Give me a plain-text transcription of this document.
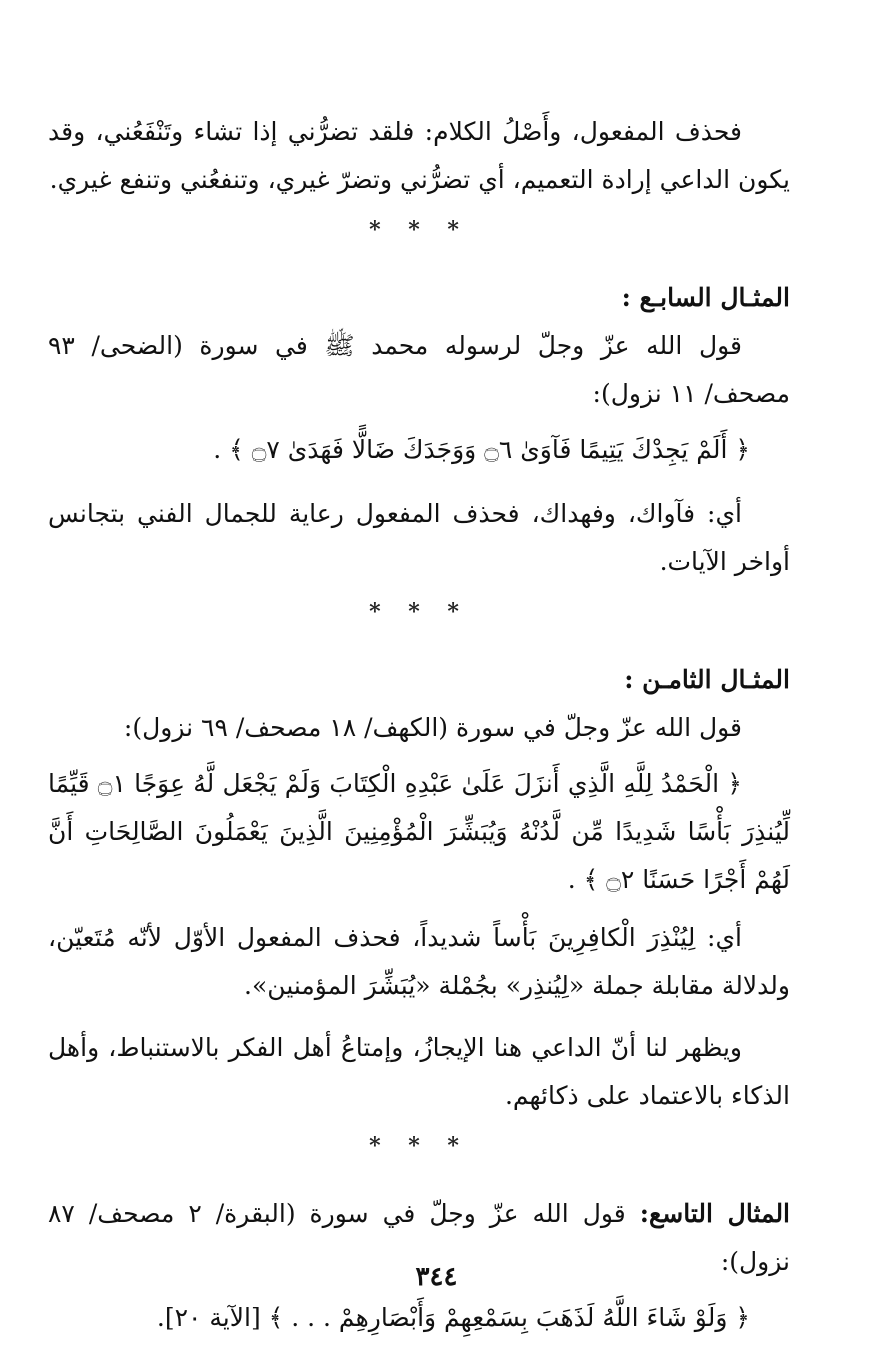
فحذف المفعول، وأَصْلُ الكلام: فلقد تضرُّني إذا تشاء وتَنْفَعُني، وقد يكون الداعي إرادة التعميم، أي تضرُّني وتضرّ غيري، وتنفعُني وتنفع غيري.

* * *

المثـال السابـع :

قول الله عزّ وجلّ لرسوله محمد ﷺ في سورة (الضحى/ ٩٣ مصحف/ ١١ نزول):

﴿ أَلَمْ يَجِدْكَ يَتِيمًا فَآوَىٰ ۝٦ وَوَجَدَكَ ضَالًّا فَهَدَىٰ ۝٧ ﴾ .

أي: فآواك، وفهداك، فحذف المفعول رعاية للجمال الفني بتجانس أواخر الآيات.

* * *

المثـال الثامـن :

قول الله عزّ وجلّ في سورة (الكهف/ ١٨ مصحف/ ٦٩ نزول):

﴿ الْحَمْدُ لِلَّهِ الَّذِي أَنزَلَ عَلَىٰ عَبْدِهِ الْكِتَابَ وَلَمْ يَجْعَل لَّهُ عِوَجًا ۝١ قَيِّمًا لِّيُنذِرَ بَأْسًا شَدِيدًا مِّن لَّدُنْهُ وَيُبَشِّرَ الْمُؤْمِنِينَ الَّذِينَ يَعْمَلُونَ الصَّالِحَاتِ أَنَّ لَهُمْ أَجْرًا حَسَنًا ۝٢ ﴾ .

أي: لِيُنْذِرَ الْكافِرِينَ بَأْساً شديداً، فحذف المفعول الأوّل لأنّه مُتَعيّن، ولدلالة مقابلة جملة «لِيُنذِر» بجُمْلة «يُبَشِّرَ المؤمنين».

ويظهر لنا أنّ الداعي هنا الإيجازُ، وإمتاعُ أهل الفكر بالاستنباط، وأهل الذكاء بالاعتماد على ذكائهم.

* * *

المثال التاسع: قول الله عزّ وجلّ في سورة (البقرة/ ٢ مصحف/ ٨٧ نزول):

﴿ وَلَوْ شَاءَ اللَّهُ لَذَهَبَ بِسَمْعِهِمْ وَأَبْصَارِهِمْ . . . ﴾ [الآية ٢٠].

٣٤٤
